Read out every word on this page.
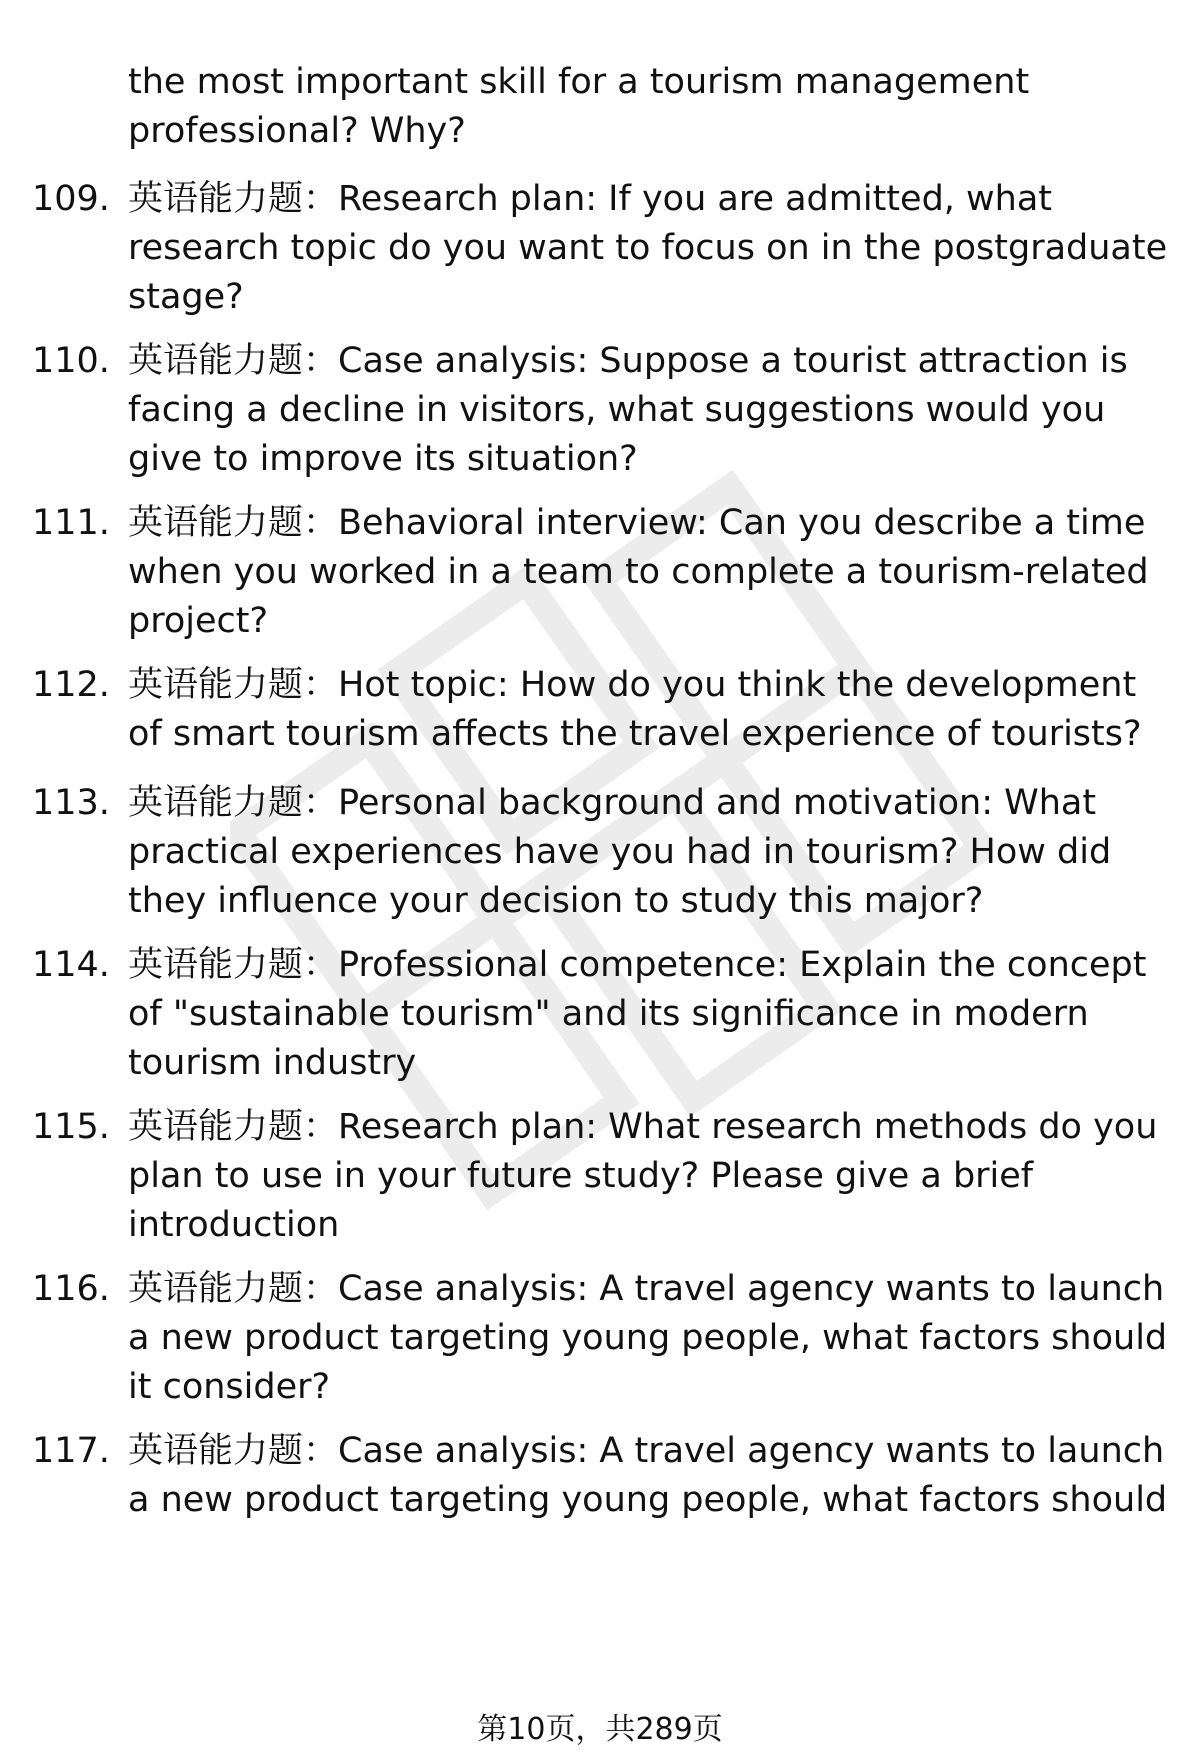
the most important skill for a tourism management professional? Why?

109. 英语能力题：Research plan: If you are admitted, what research topic do you want to focus on in the postgraduate stage?
110. 英语能力题：Case analysis: Suppose a tourist attraction is facing a decline in visitors, what suggestions would you give to improve its situation?
111. 英语能力题：Behavioral interview: Can you describe a time when you worked in a team to complete a tourism-related project?
112. 英语能力题：Hot topic: How do you think the development of smart tourism affects the travel experience of tourists?
113. 英语能力题：Personal background and motivation: What practical experiences have you had in tourism? How did they influence your decision to study this major?
114. 英语能力题：Professional competence: Explain the concept of "sustainable tourism" and its significance in modern tourism industry
115. 英语能力题：Research plan: What research methods do you plan to use in your future study? Please give a brief introduction
116. 英语能力题：Case analysis: A travel agency wants to launch a new product targeting young people, what factors should it consider?
117. 英语能力题：Case analysis: A travel agency wants to launch a new product targeting young people, what factors should
第10页，共289页
